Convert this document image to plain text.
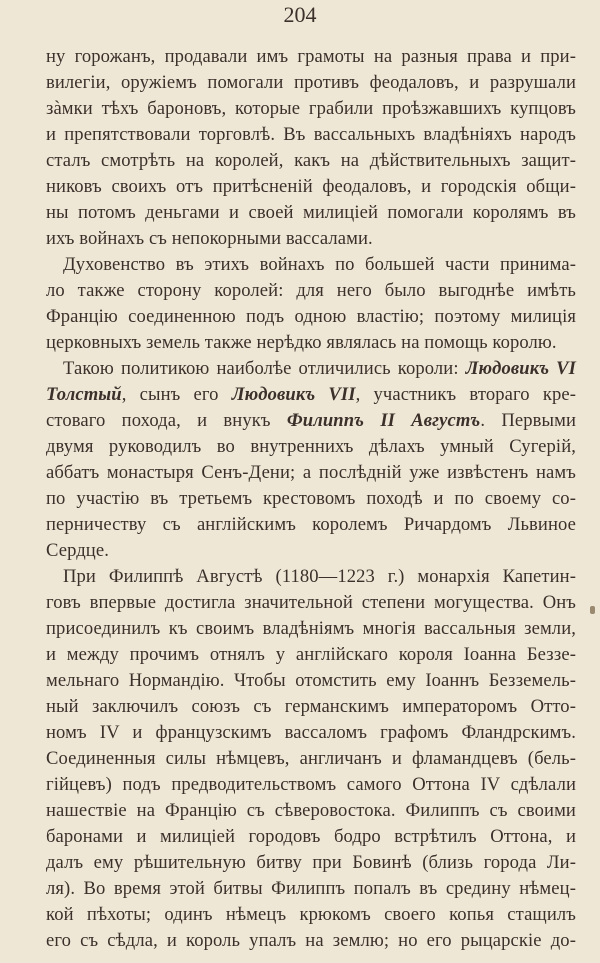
204
ну горожанъ, продавали имъ грамоты на разныя права и при-
вилегіи, оружіемъ помогали противъ феодаловъ, и разрушали
зàмки тѣхъ бароновъ, которые грабили проѣзжавшихъ купцовъ
и препятствовали торговлѣ. Въ вассальныхъ владѣніяхъ народъ
сталъ смотрѣть на королей, какъ на дѣйствительныхъ защит-
никовъ своихъ отъ притѣсненій феодаловъ, и городскія общи-
ны потомъ деньгами и своей милиціей помогали королямъ въ
ихъ войнахъ съ непокорными вассалами.
Духовенство въ этихъ войнахъ по большей части принима-
ло также сторону королей: для него было выгоднѣе имѣть
Францію соединенною подъ одною властію; поэтому милиція
церковныхъ земель также нерѣдко являлась на помощь королю.
Такою политикою наиболѣе отличились короли: Людовикъ VI
Толстый, сынъ его Людовикъ VII, участникъ втораго кре-
стоваго похода, и внукъ Филиппъ II Августъ. Первыми
двумя руководилъ во внутреннихъ дѣлахъ умный Сугерій,
аббатъ монастыря Сенъ-Дени; а послѣдній уже извѣстенъ намъ
по участію въ третьемъ крестовомъ походѣ и по своему со-
перничеству съ англійскимъ королемъ Ричардомъ Львиное
Сердце.
При Филиппѣ Августѣ (1180—1223 г.) монархія Капетин-
говъ впервые достигла значительной степени могущества. Онъ
присоединилъ къ своимъ владѣніямъ многія вассальныя земли,
и между прочимъ отнялъ у англійскаго короля Іоанна Беззе-
мельнаго Нормандію. Чтобы отомстить ему Іоаннъ Безземель-
ный заключилъ союзъ съ германскимъ императоромъ Отто-
номъ IV и французскимъ вассаломъ графомъ Фландрскимъ.
Соединенныя силы нѣмцевъ, англичанъ и фламандцевъ (бель-
гійцевъ) подъ предводительствомъ самого Оттона IV сдѣлали
нашествіе на Францію съ сѣверовостока. Филиппъ съ своими
баронами и милиціей городовъ бодро встрѣтилъ Оттона, и
далъ ему рѣшительную битву при Бовинѣ (близь города Ли-
ля). Во время этой битвы Филиппъ попалъ въ средину нѣмец-
кой пѣхоты; одинъ нѣмецъ крюкомъ своего копья стащилъ
его съ сѣдла, и король упалъ на землю; но его рыцарскіе до-
